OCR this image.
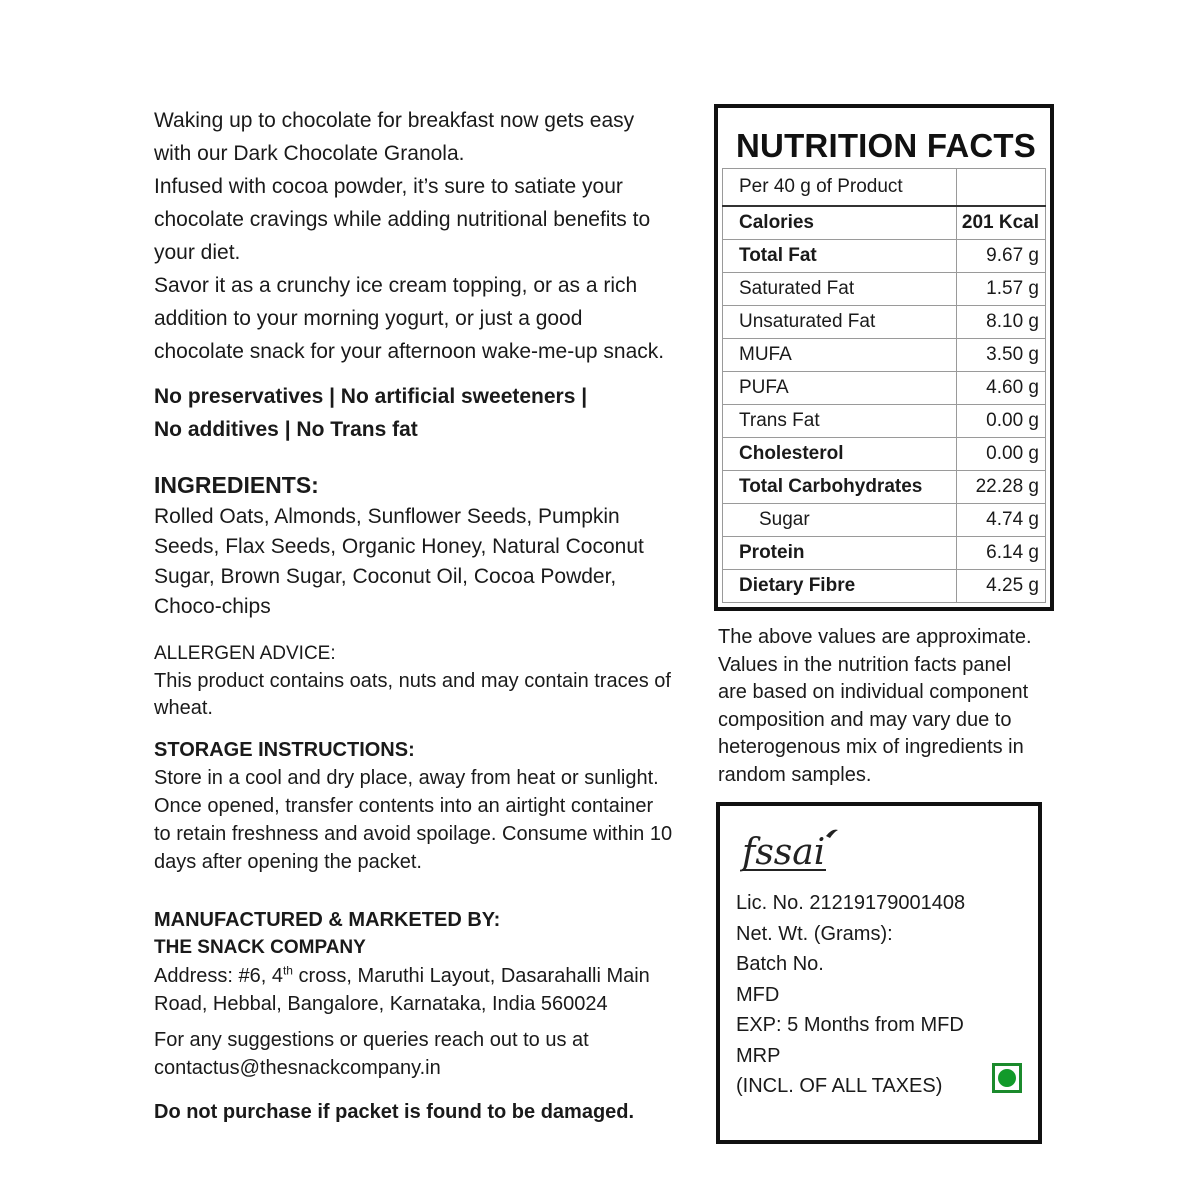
Waking up to chocolate for breakfast now gets easy

with our Dark Chocolate Granola.

Infused with cocoa powder, it’s sure to satiate your

chocolate cravings while adding nutritional benefits to

your diet.

Savor it as a crunchy ice cream topping, or as a rich

addition to your morning yogurt, or just a good

chocolate snack for your afternoon wake-me-up snack.

No preservatives | No artificial sweeteners |

No additives | No Trans fat

INGREDIENTS:
Rolled Oats, Almonds, Sunflower Seeds, Pumpkin
Seeds, Flax Seeds, Organic Honey, Natural Coconut
Sugar, Brown Sugar, Coconut Oil, Cocoa Powder,
Choco-chips
ALLERGEN ADVICE:
This product contains oats, nuts and may contain traces of
wheat.
STORAGE INSTRUCTIONS:
Store in a cool and dry place, away from heat or sunlight.
Once opened, transfer contents into an airtight container
to retain freshness and avoid spoilage. Consume within 10
days after opening the packet.
MANUFACTURED & MARKETED BY:
THE SNACK COMPANY
Address: #6, 4th cross, Maruthi Layout, Dasarahalli Main
Road, Hebbal, Bangalore, Karnataka, India 560024
For any suggestions or queries reach out to us at
contactus@thesnackcompany.in
Do not purchase if packet is found to be damaged.
NUTRITION FACTS
Per 40 g of Product	
Calories	201 Kcal
Total Fat	9.67 g
Saturated Fat	1.57 g
Unsaturated Fat	8.10 g
MUFA	3.50 g
PUFA	4.60 g
Trans Fat	0.00 g
Cholesterol	0.00 g
Total Carbohydrates	22.28 g
Sugar	4.74 g
Protein	6.14 g
Dietary Fibre	4.25 g
The above values are approximate.
Values in the nutrition facts panel
are based on individual component
composition and may vary due to
heterogenous mix of ingredients in
random samples.
fssai
Lic. No. 21219179001408
Net. Wt. (Grams):
Batch No.
MFD
EXP: 5 Months from MFD
MRP
(INCL. OF ALL TAXES)
